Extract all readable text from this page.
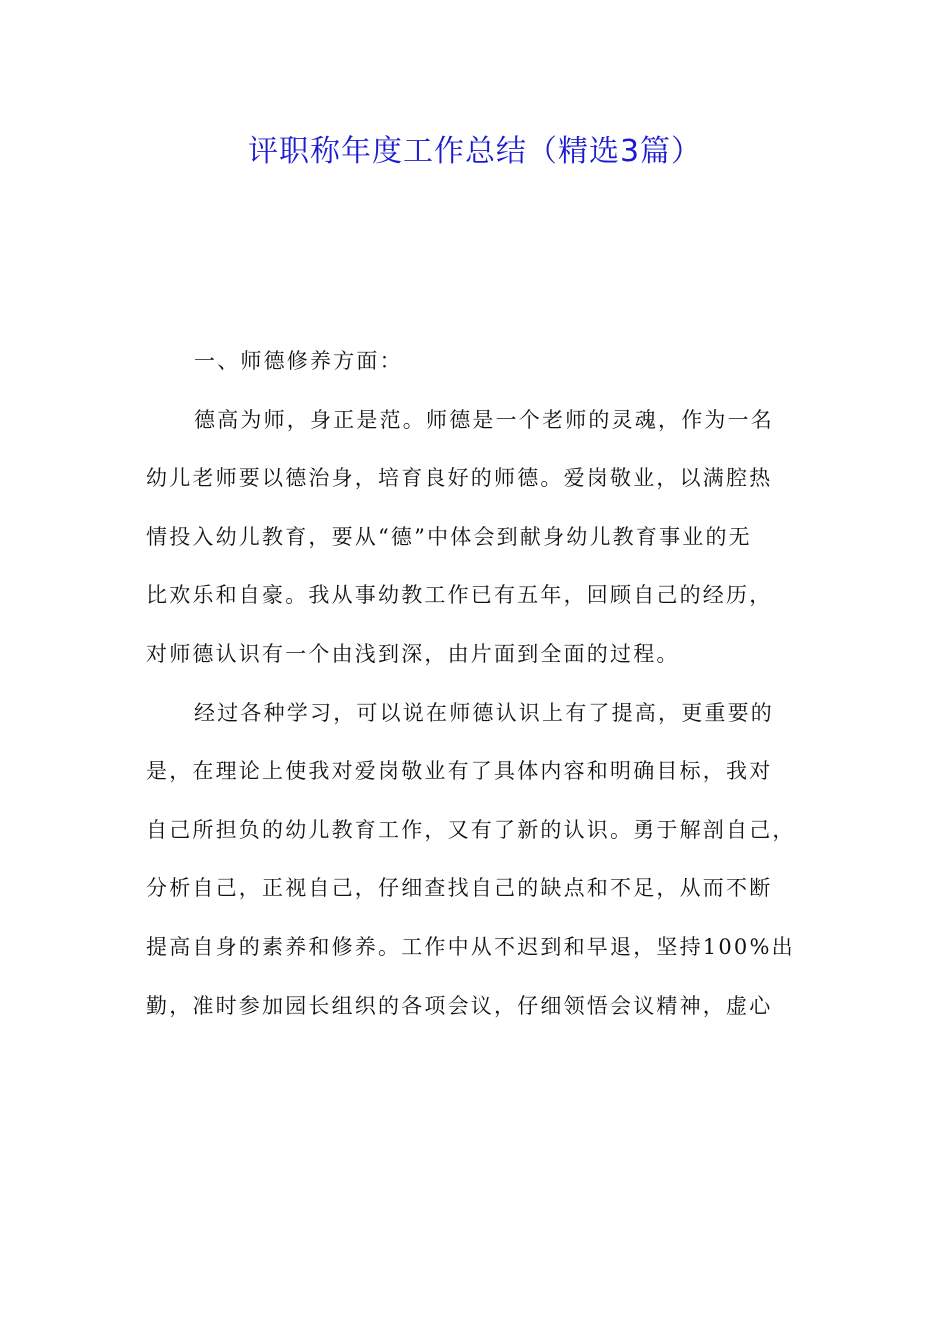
评职称年度工作总结（精选3篇）
一、师德修养方面：
德高为师，身正是范。师德是一个老师的灵魂，作为一名
幼儿老师要以德治身，培育良好的师德。爱岗敬业，以满腔热
情投入幼儿教育，要从“德”中体会到献身幼儿教育事业的无
比欢乐和自豪。我从事幼教工作已有五年，回顾自己的经历，
对师德认识有一个由浅到深，由片面到全面的过程。
经过各种学习，可以说在师德认识上有了提高，更重要的
是，在理论上使我对爱岗敬业有了具体内容和明确目标，我对
自己所担负的幼儿教育工作，又有了新的认识。勇于解剖自己，
分析自己，正视自己，仔细查找自己的缺点和不足，从而不断
提高自身的素养和修养。工作中从不迟到和早退，坚持100%出
勤，准时参加园长组织的各项会议，仔细领悟会议精神，虚心
